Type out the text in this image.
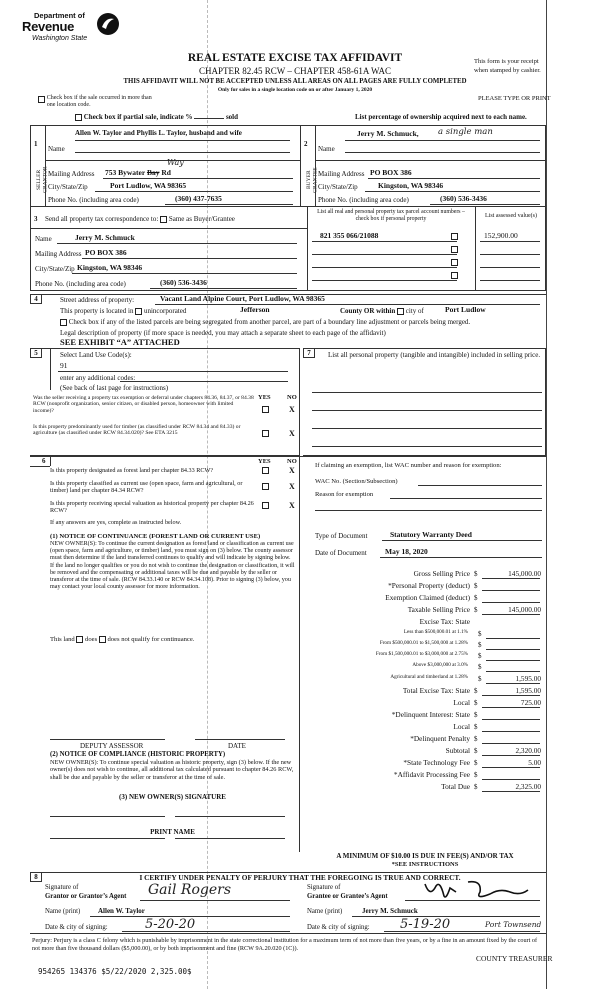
Department of
Revenue
Washington State
REAL ESTATE EXCISE TAX AFFIDAVIT
CHAPTER 82.45 RCW – CHAPTER 458-61A WAC
THIS AFFIDAVIT WILL NOT BE ACCEPTED UNLESS ALL AREAS ON ALL PAGES ARE FULLY COMPLETED
Only for sales in a single location code on or after January 1, 2020
This form is your receipt
when stamped by cashier.
PLEASE TYPE OR PRINT
Check box if the sale occurred in more than one location code.
Check box if partial sale, indicate %	sold	List percentage of ownership acquired next to each name.
1
SELLER GRANTOR
Name
Allen W. Taylor and Phyllis L. Taylor, husband and wife
Mailing Address 753 Bywater Bay Rd
Way
City/State/Zip	Port Ludlow, WA 98365
Phone No. (including area code)	(360) 437-7635
2
BUYER GRANTEE
Name
Jerry M. Schmuck, a single man
Mailing Address PO BOX 386
City/State/Zip	Kingston, WA 98346
Phone No. (including area code)	(360) 536-3436
3 Send all property tax correspondence to: Same as Buyer/Grantee
Name	Jerry M. Schmuck
Mailing Address PO BOX 386
City/State/Zip Kingston, WA 98346
Phone No. (including area code)	(360) 536-3436
List all real and personal property tax parcel account numbers – check box if personal property	List assessed value(s)
821 355 066/21088	152,900.00
4	Street address of property:	Vacant Land Alpine Court, Port Ludlow, WA 98365
This property is located in unincorporated	Jefferson	County OR within city of	Port Ludlow
Check box if any of the listed parcels are being segregated from another parcel, are part of a boundary line adjustment or parcels being merged.
Legal description of property (if more space is needed, you may attach a separate sheet to each page of the affidavit)
SEE EXHIBIT “A” ATTACHED
5	Select Land Use Code(s):
91
enter any additional codes:
(See back of last page for instructions)
YES	NO
Was the seller receiving a property tax exemption or deferral under chapters 84.36, 84.37, or 84.38 RCW (nonprofit organization, senior citizen, or disabled person, homeowner with limited income)?	X
Is this property predominantly used for timber (as classified under RCW 84.34 and 84.33) or agriculture (as classified under RCW 84.34.020)? See ETA 3215	X
7	List all personal property (tangible and intangible) included in selling price.
6	YES	NO
Is this property designated as forest land per chapter 84.33 RCW?	X
Is this property classified as current use (open space, farm and agricultural, or timber) land per chapter 84.34 RCW?	X
Is this property receiving special valuation as historical property per chapter 84.26 RCW?
X
If any answers are yes, complete as instructed below.
(1) NOTICE OF CONTINUANCE (FOREST LAND OR CURRENT USE)
NEW OWNER(S): To continue the current designation as forest land or classification as current use (open space, farm and agriculture, or timber) land, you must sign on (3) below. The county assessor must then determine if the land transferred continues to qualify and will indicate by signing below. If the land no longer qualifies or you do not wish to continue the designation or classification, it will be removed and the compensating or additional taxes will be due and payable by the seller or transferor at the time of sale. (RCW 84.33.140 or RCW 84.34.108). Prior to signing (3) below, you may contact your local county assessor for more information.
This land does does not qualify for continuance.
DEPUTY ASSESSOR	DATE
(2) NOTICE OF COMPLIANCE (HISTORIC PROPERTY)
NEW OWNER(S): To continue special valuation as historic property, sign (3) below. If the new owner(s) does not wish to continue, all additional tax calculated pursuant to chapter 84.26 RCW, shall be due and payable by the seller or transferor at the time of sale.
(3) NEW OWNER(S) SIGNATURE
PRINT NAME
If claiming an exemption, list WAC number and reason for exemption:
WAC No. (Section/Subsection)
Reason for exemption
Type of Document	Statutory Warranty Deed
Date of Document May 18, 2020
Gross Selling Price $	145,000.00
*Personal Property (deduct) $
Exemption Claimed (deduct) $
Taxable Selling Price $	145,000.00
Excise Tax: State
Less than $500,000.01 at 1.1% $
From $500,000.01 to $1,500,000 at 1.28% $
From $1,500,000.01 to $3,000,000 at 2.75% $
Above $3,000,000 at 3.0% $
Agricultural and timberland at 1.28% $	1,595.00
Total Excise Tax: State $	1,595.00
Local $	725.00
*Delinquent Interest: State $
Local $
*Delinquent Penalty $
Subtotal $	2,320.00
*State Technology Fee $	5.00
*Affidavit Processing Fee $
Total Due $	2,325.00
A MINIMUM OF $10.00 IS DUE IN FEE(S) AND/OR TAX
*SEE INSTRUCTIONS
8	I CERTIFY UNDER PENALTY OF PERJURY THAT THE FOREGOING IS TRUE AND CORRECT.
Signature of
Grantor or Grantor’s Agent Gail Rogers
Name (print)	Allen W. Taylor
Date & city of signing:	5-20-20
Signature of
Grantee or Grantee’s Agent
Name (print)	Jerry M. Schmuck
Date & city of signing: 5-19-20	Port Townsend
Perjury: Perjury is a class C felony which is punishable by imprisonment in the state correctional institution for a maximum term of not more than five years, or by a fine in an amount fixed by the court of not more than five thousand dollars ($5,000.00), or by both imprisonment and fine (RCW 9A.20.020 (1C)).
954265 134376 $5/22/2020 2,325.00$
COUNTY TREASURER
